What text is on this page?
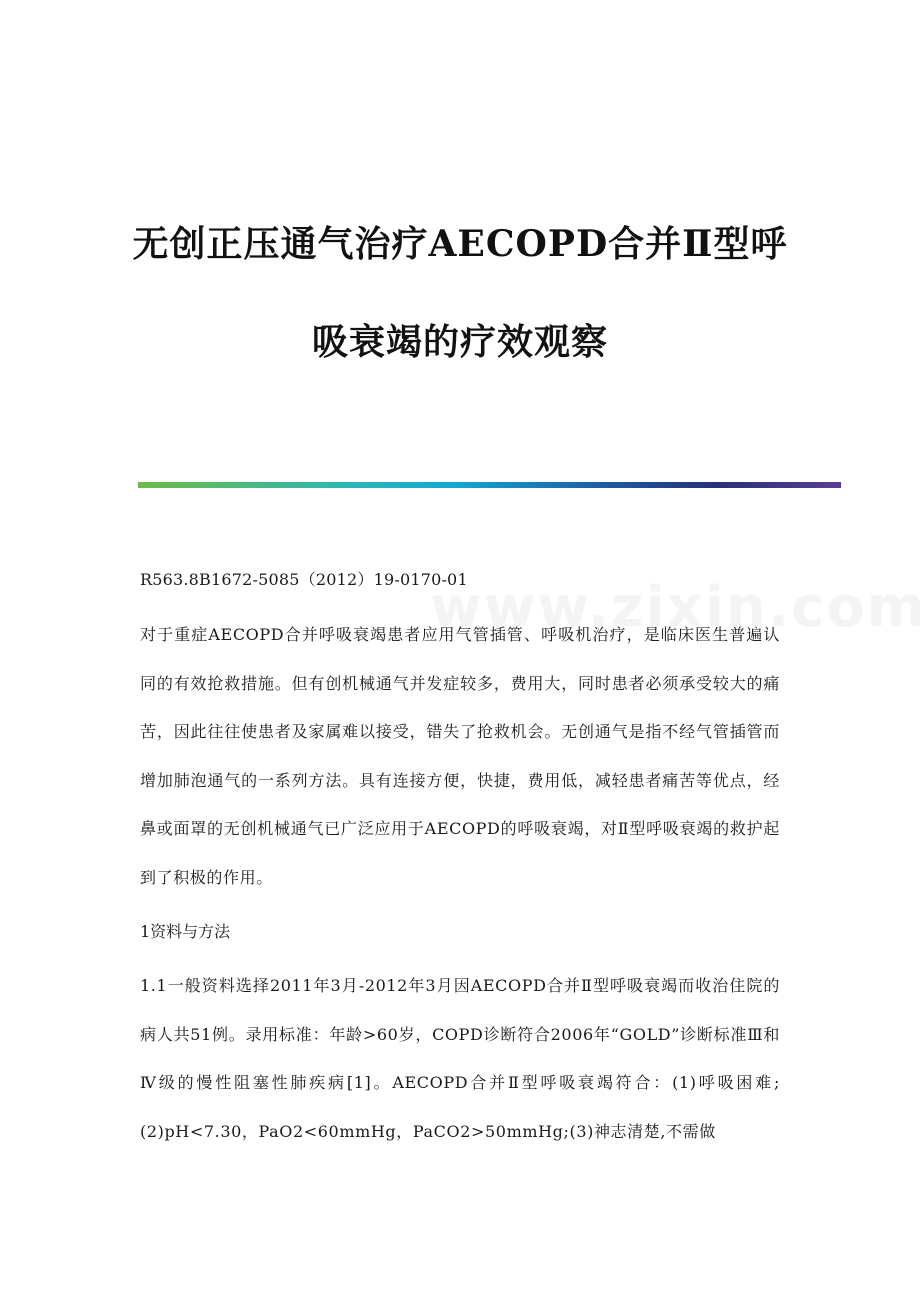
无创正压通气治疗AECOPD合并Ⅱ型呼
吸衰竭的疗效观察
R563.8B1672-5085（2012）19-0170-01
对于重症AECOPD合并呼吸衰竭患者应用气管插管、呼吸机治疗，是临床医生普遍认同的有效抢救措施。但有创机械通气并发症较多，费用大，同时患者必须承受较大的痛苦，因此往往使患者及家属难以接受，错失了抢救机会。无创通气是指不经气管插管而增加肺泡通气的一系列方法。具有连接方便，快捷，费用低，减轻患者痛苦等优点，经鼻或面罩的无创机械通气已广泛应用于AECOPD的呼吸衰竭，对Ⅱ型呼吸衰竭的救护起到了积极的作用。
1资料与方法
1.1一般资料选择2011年3月-2012年3月因AECOPD合并Ⅱ型呼吸衰竭而收治住院的病人共51例。录用标准：年龄>60岁，COPD诊断符合2006年“GOLD”诊断标准Ⅲ和Ⅳ级的慢性阻塞性肺疾病[1]。AECOPD合并Ⅱ型呼吸衰竭符合：(1)呼吸困难;(2)pH<7.30，PaO2<60mmHg，PaCO2>50mmHg;(3)神志清楚,不需做
